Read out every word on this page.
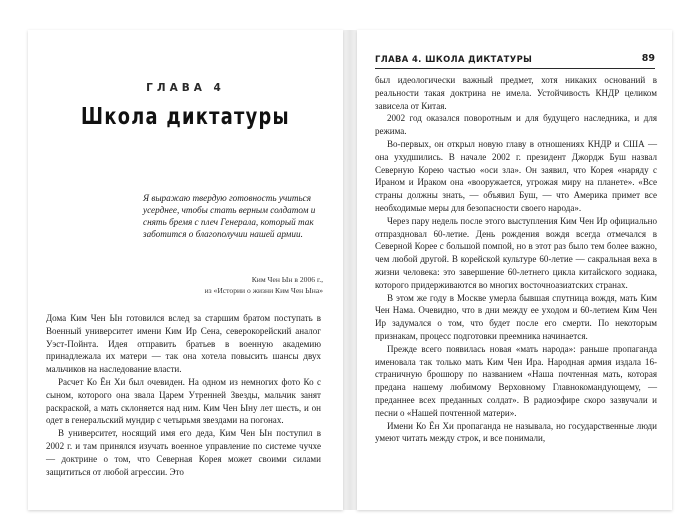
ГЛАВА 4
Школа диктатуры
Я выражаю твердую готовность учиться усерднее, чтобы стать верным солдатом и снять бремя с плеч Генерала, который так заботится о благополучии нашей армии.
Ким Чен Ын в 2006 г.,
из «Истории о жизни Ким Чен Ына»

Дома Ким Чен Ын готовился вслед за старшим братом поступать в Военный университет имени Ким Ир Сена, северокорейский аналог Уэст-Пойнта. Идея отправить братьев в военную академию принадлежала их матери — так она хотела повысить шансы двух мальчиков на наследование власти.

Расчет Ко Ён Хи был очевиден. На одном из немногих фото Ко с сыном, которого она звала Царем Утренней Звезды, мальчик занят раскраской, а мать склоняется над ним. Ким Чен Ыну лет шесть, и он одет в генеральский мундир с четырьмя звездами на погонах.

В университет, носящий имя его деда, Ким Чен Ын поступил в 2002 г. и там принялся изучать военное управление по системе чучхе — доктрине о том, что Северная Корея может своими силами защититься от любой агрессии. Это

ГЛАВА 4. ШКОЛА ДИКТАТУРЫ	89

был идеологически важный предмет, хотя никаких оснований в реальности такая доктрина не имела. Устойчивость КНДР целиком зависела от Китая.

2002 год оказался поворотным и для будущего наследника, и для режима.

Во-первых, он открыл новую главу в отношениях КНДР и США — она ухудшились. В начале 2002 г. президент Джордж Буш назвал Северную Корею частью «оси зла». Он заявил, что Корея «наряду с Ираном и Ираком она «вооружается, угрожая миру на планете». «Все страны должны знать, — объявил Буш, — что Америка примет все необходимые меры для безопасности своего народа».

Через пару недель после этого выступления Ким Чен Ир официально отпраздновал 60-летие. День рождения вождя всегда отмечался в Северной Корее с большой помпой, но в этот раз было тем более важно, чем любой другой. В корейской культуре 60-летие — сакральная веха в жизни человека: это завершение 60-летнего цикла китайского зодиака, которого придерживаются во многих восточноазиатских странах.

В этом же году в Москве умерла бывшая спутница вождя, мать Ким Чен Нама. Очевидно, что в дни между ее уходом и 60-летием Ким Чен Ир задумался о том, что будет после его смерти. По некоторым признакам, процесс подготовки преемника начинается.

Прежде всего появилась новая «мать народа»: раньше пропаганда именовала так только мать Ким Чен Ира. Народная армия издала 16-страничную брошюру по названием «Наша почтенная мать, которая предана нашему любимому Верховному Главнокомандующему, — преданнее всех преданных солдат». В радиоэфире скоро зазвучали и песни о «Нашей почтенной матери».

Имени Ко Ён Хи пропаганда не называла, но государственные люди умеют читать между строк, и все понимали,
